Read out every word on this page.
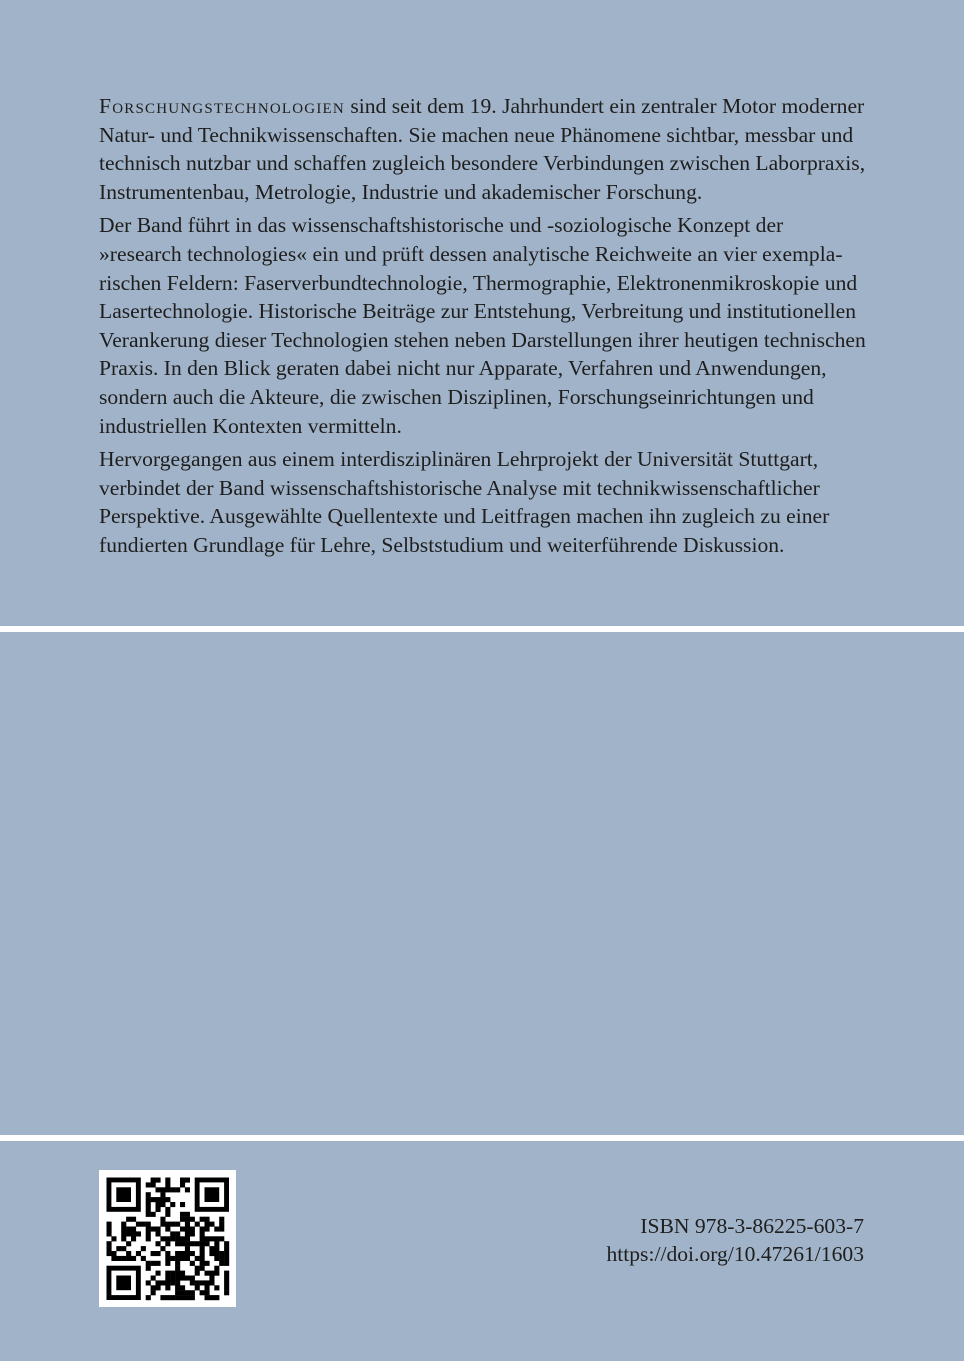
Forschungstechnologien sind seit dem 19. Jahrhundert ein zentraler Motor moderner Natur- und Technikwissenschaften. Sie machen neue Phänomene sichtbar, messbar und technisch nutzbar und schaffen zugleich besondere Verbindungen zwischen Laborpraxis, Instrumentenbau, Metrologie, Industrie und akademischer Forschung.

Der Band führt in das wissenschaftshistorische und -soziologische Konzept der »research technologies« ein und prüft dessen analytische Reichweite an vier exemplarischen Feldern: Faserverbundtechnologie, Thermographie, Elektronenmikroskopie und Lasertechnologie. Historische Beiträge zur Entstehung, Verbreitung und institutionellen Verankerung dieser Technologien stehen neben Darstellungen ihrer heutigen technischen Praxis. In den Blick geraten dabei nicht nur Apparate, Verfahren und Anwendungen, sondern auch die Akteure, die zwischen Disziplinen, Forschungseinrichtungen und industriellen Kontexten vermitteln.

Hervorgegangen aus einem interdisziplinären Lehrprojekt der Universität Stuttgart, verbindet der Band wissenschaftshistorische Analyse mit technikwissenschaftlicher Perspektive. Ausgewählte Quellentexte und Leitfragen machen ihn zugleich zu einer fundierten Grundlage für Lehre, Selbststudium und weiterführende Diskussion.

ISBN 978-3-86225-603-7
https://doi.org/10.47261/1603
